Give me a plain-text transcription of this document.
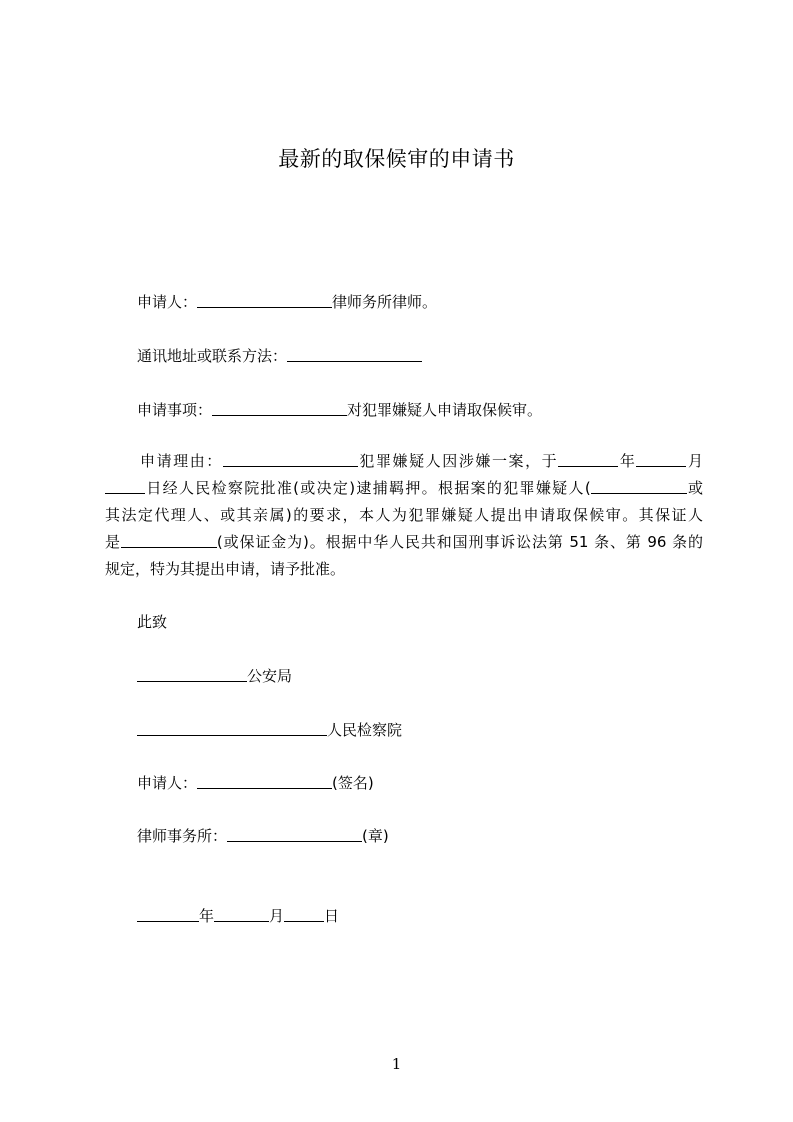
最新的取保候审的申请书
申请人：	律师务所律师。
通讯地址或联系方法：
申请事项：	对犯罪嫌疑人申请取保候审。
申请理由：	犯罪嫌疑人因涉嫌一案，于	年	月
日经人民检察院批准(或决定)逮捕羁押。根据案的犯罪嫌疑人(	或
其法定代理人、或其亲属)的要求，本人为犯罪嫌疑人提出申请取保候审。其保证人
是	(或保证金为)。根据中华人民共和国刑事诉讼法第 51 条、第 96 条的
规定，特为其提出申请，请予批准。
此致
公安局
人民检察院
申请人：	(签名)
律师事务所：	(章)
年	月	日
1
